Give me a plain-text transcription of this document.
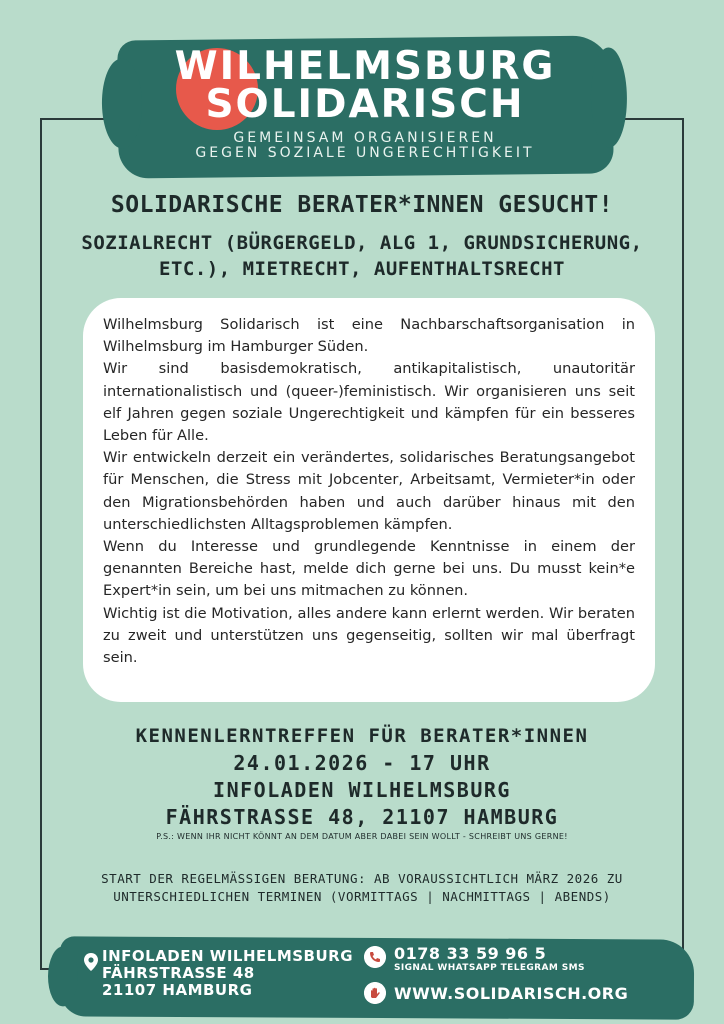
WILHELMSBURG
SOLIDARISCH
GEMEINSAM ORGANISIEREN
GEGEN SOZIALE UNGERECHTIGKEIT
SOLIDARISCHE BERATER*INNEN GESUCHT!
SOZIALRECHT (BÜRGERGELD, ALG 1, GRUNDSICHERUNG,
ETC.), MIETRECHT, AUFENTHALTSRECHT

Wilhelmsburg Solidarisch ist eine Nachbarschaftsorganisation in Wilhelmsburg im Hamburger Süden.

Wir sind basisdemokratisch, antikapitalistisch, unautoritär internationalistisch und (queer-)feministisch. Wir organisieren uns seit elf Jahren gegen soziale Ungerechtigkeit und kämpfen für ein besseres Leben für Alle.

Wir entwickeln derzeit ein verändertes, solidarisches Beratungsangebot für Menschen, die Stress mit Jobcenter, Arbeitsamt, Vermieter*in oder den Migrationsbehörden haben und auch darüber hinaus mit den unterschiedlichsten Alltagsproblemen kämpfen.

Wenn du Interesse und grundlegende Kenntnisse in einem der genannten Bereiche hast, melde dich gerne bei uns. Du musst kein*e Expert*in sein, um bei uns mitmachen zu können.

Wichtig ist die Motivation, alles andere kann erlernt werden. Wir beraten zu zweit und unterstützen uns gegenseitig, sollten wir mal überfragt sein.

KENNENLERNTREFFEN FÜR BERATER*INNEN
24.01.2026 - 17 UHR
INFOLADEN WILHELMSBURG
FÄHRSTRASSE 48, 21107 HAMBURG
P.S.: WENN IHR NICHT KÖNNT AN DEM DATUM ABER DABEI SEIN WOLLT - SCHREIBT UNS GERNE!
START DER REGELMÄSSIGEN BERATUNG: AB VORAUSSICHTLICH MÄRZ 2026 ZU
UNTERSCHIEDLICHEN TERMINEN (VORMITTAGS | NACHMITTAGS | ABENDS)
INFOLADEN WILHELMSBURG
FÄHRSTRASSE 48
21107 HAMBURG
0178 33 59 96 5
SIGNAL WHATSAPP TELEGRAM SMS
WWW.SOLIDARISCH.ORG
